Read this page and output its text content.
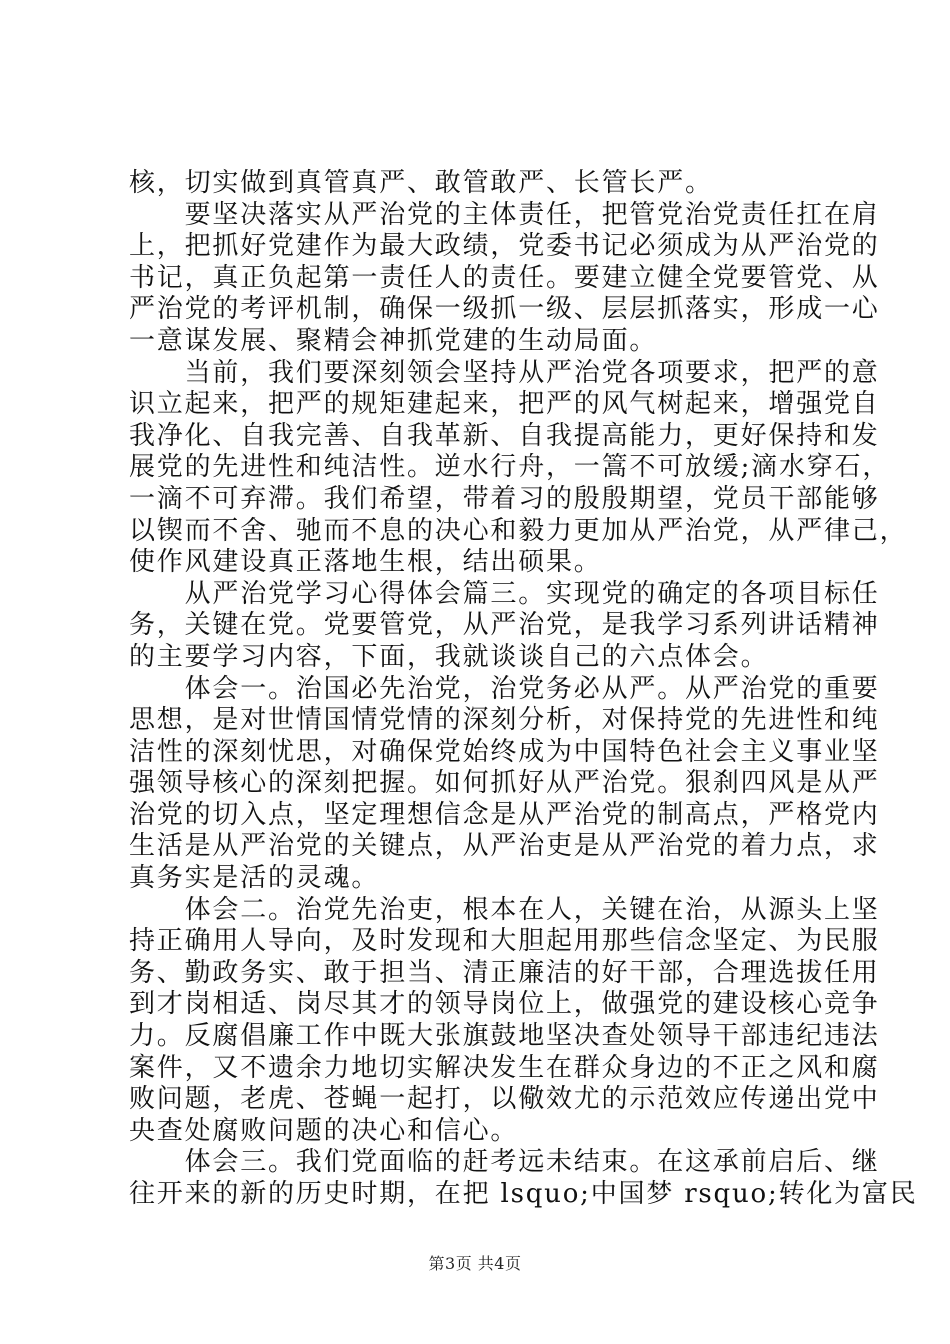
核，切实做到真管真严、敢管敢严、长管长严。
　　要坚决落实从严治党的主体责任，把管党治党责任扛在肩
上，把抓好党建作为最大政绩，党委书记必须成为从严治党的
书记，真正负起第一责任人的责任。要建立健全党要管党、从
严治党的考评机制，确保一级抓一级、层层抓落实，形成一心
一意谋发展、聚精会神抓党建的生动局面。
　　当前，我们要深刻领会坚持从严治党各项要求，把严的意
识立起来，把严的规矩建起来，把严的风气树起来，增强党自
我净化、自我完善、自我革新、自我提高能力，更好保持和发
展党的先进性和纯洁性。逆水行舟，一篙不可放缓;滴水穿石，
一滴不可弃滞。我们希望，带着习的殷殷期望，党员干部能够
以锲而不舍、驰而不息的决心和毅力更加从严治党，从严律己，
使作风建设真正落地生根，结出硕果。
　　从严治党学习心得体会篇三。实现党的确定的各项目标任
务，关键在党。党要管党，从严治党，是我学习系列讲话精神
的主要学习内容，下面，我就谈谈自己的六点体会。
　　体会一。治国必先治党，治党务必从严。从严治党的重要
思想，是对世情国情党情的深刻分析，对保持党的先进性和纯
洁性的深刻忧思，对确保党始终成为中国特色社会主义事业坚
强领导核心的深刻把握。如何抓好从严治党。狠刹四风是从严
治党的切入点，坚定理想信念是从严治党的制高点，严格党内
生活是从严治党的关键点，从严治吏是从严治党的着力点，求
真务实是活的灵魂。
　　体会二。治党先治吏，根本在人，关键在治，从源头上坚
持正确用人导向，及时发现和大胆起用那些信念坚定、为民服
务、勤政务实、敢于担当、清正廉洁的好干部，合理选拔任用
到才岗相适、岗尽其才的领导岗位上，做强党的建设核心竞争
力。反腐倡廉工作中既大张旗鼓地坚决查处领导干部违纪违法
案件，又不遗余力地切实解决发生在群众身边的不正之风和腐
败问题，老虎、苍蝇一起打，以儆效尤的示范效应传递出党中
央查处腐败问题的决心和信心。
　　体会三。我们党面临的赶考远未结束。在这承前启后、继
往开来的新的历史时期，在把 lsquo;中国梦 rsquo;转化为富民
第3页 共4页
